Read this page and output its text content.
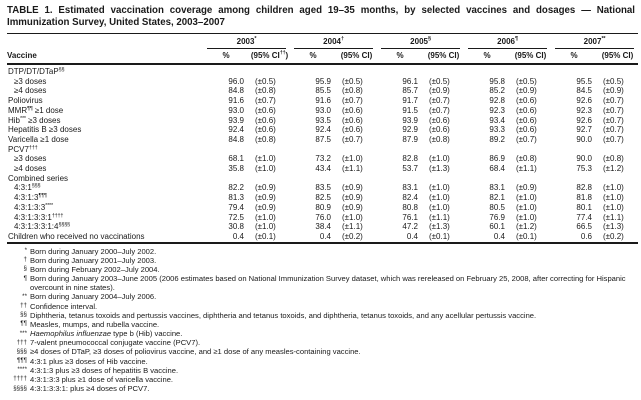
TABLE 1. Estimated vaccination coverage among children aged 19–35 months, by selected vaccines and dosages — National Immunization Survey, United States, 2003–2007

	2003*		2004†		2005§		2006¶		2007**

Vaccine	%	(95% CI††)	%	(95% CI)	%	(95% CI)	%	(95% CI)	%	(95% CI)
DTP/DT/DTaP§§										
≥3 doses	96.0	(±0.5)	95.9	(±0.5)	96.1	(±0.5)	95.8	(±0.5)	95.5	(±0.5)
≥4 doses	84.8	(±0.8)	85.5	(±0.8)	85.7	(±0.9)	85.2	(±0.9)	84.5	(±0.9)
Poliovirus	91.6	(±0.7)	91.6	(±0.7)	91.7	(±0.7)	92.8	(±0.6)	92.6	(±0.7)
MMR¶¶ ≥1 dose	93.0	(±0.6)	93.0	(±0.6)	91.5	(±0.7)	92.3	(±0.6)	92.3	(±0.7)
Hib*** ≥3 doses	93.9	(±0.6)	93.5	(±0.6)	93.9	(±0.6)	93.4	(±0.6)	92.6	(±0.7)
Hepatitis B ≥3 doses	92.4	(±0.6)	92.4	(±0.6)	92.9	(±0.6)	93.3	(±0.6)	92.7	(±0.7)
Varicella ≥1 dose	84.8	(±0.8)	87.5	(±0.7)	87.9	(±0.8)	89.2	(±0.7)	90.0	(±0.7)
PCV7†††										
≥3 doses	68.1	(±1.0)	73.2	(±1.0)	82.8	(±1.0)	86.9	(±0.8)	90.0	(±0.8)
≥4 doses	35.8	(±1.0)	43.4	(±1.1)	53.7	(±1.3)	68.4	(±1.1)	75.3	(±1.2)
Combined series										
4:3:1§§§	82.2	(±0.9)	83.5	(±0.9)	83.1	(±1.0)	83.1	(±0.9)	82.8	(±1.0)
4:3:1:3¶¶¶	81.3	(±0.9)	82.5	(±0.9)	82.4	(±1.0)	82.1	(±1.0)	81.8	(±1.0)
4:3:1:3:3****	79.4	(±0.9)	80.9	(±0.9)	80.8	(±1.0)	80.5	(±1.0)	80.1	(±1.0)
4:3:1:3:3:1††††	72.5	(±1.0)	76.0	(±1.0)	76.1	(±1.1)	76.9	(±1.0)	77.4	(±1.1)
4:3:1:3:3:1:4§§§§	30.8	(±1.0)	38.4	(±1.1)	47.2	(±1.3)	60.1	(±1.2)	66.5	(±1.3)
Children who received no vaccinations	0.4	(±0.1)	0.4	(±0.2)	0.4	(±0.1)	0.4	(±0.1)	0.6	(±0.2)
* Born during January 2000–July 2002.
† Born during January 2001–July 2003.
§ Born during February 2002–July 2004.
¶ Born during January 2003–June 2005 (2006 estimates based on National Immunization Survey dataset, which was rereleased on February 25, 2008, after correcting for Hispanic overcount in nine states).
** Born during January 2004–July 2006.
†† Confidence interval.
§§ Diphtheria, tetanus toxoids and pertussis vaccines, diphtheria and tetanus toxoids, and diphtheria, tetanus toxoids, and any acellular pertussis vaccine.
¶¶ Measles, mumps, and rubella vaccine.
*** Haemophilus influenzae type b (Hib) vaccine.
††† 7-valent pneumococcal conjugate vaccine (PCV7).
§§§ ≥4 doses of DTaP, ≥3 doses of poliovirus vaccine, and ≥1 dose of any measles-containing vaccine.
¶¶¶ 4:3:1 plus ≥3 doses of Hib vaccine.
**** 4:3:1:3 plus ≥3 doses of hepatitis B vaccine.
†††† 4:3:1:3:3 plus ≥1 dose of varicella vaccine.
§§§§ 4:3:1:3:3:1: plus ≥4 doses of PCV7.
